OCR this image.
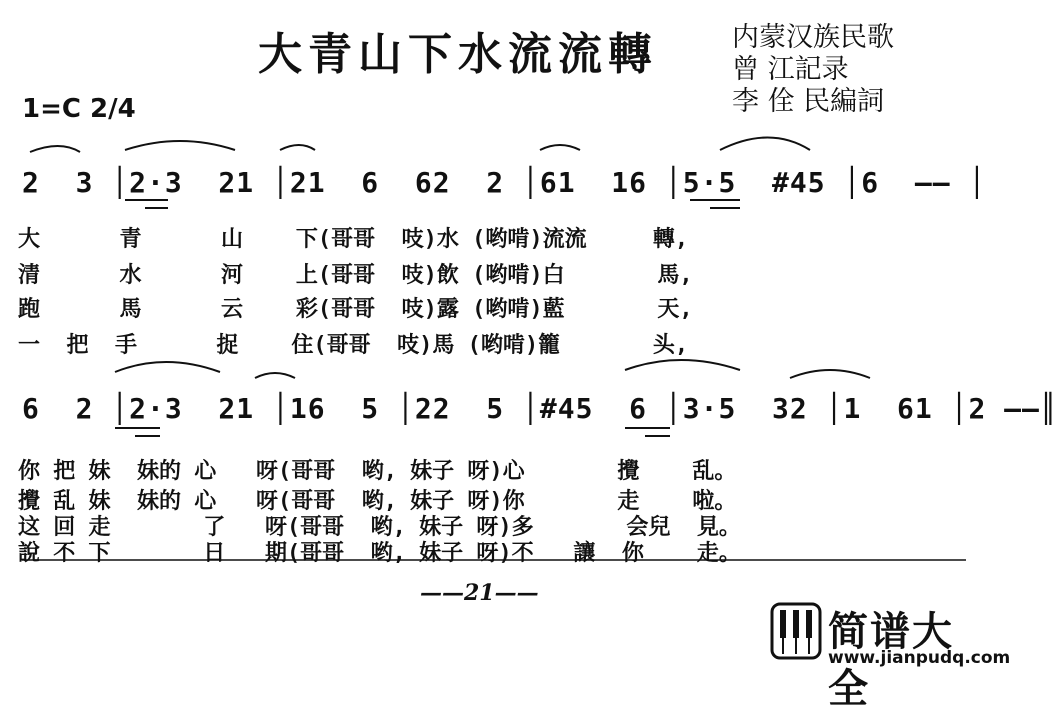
大青山下水流流轉	内蒙汉族民歌
曾 江記录
李 佺 民編詞
1=C 2/4
2  3 │2·3  21 │21  6  62  2 │61  16 │5·5  #45 │6  —— │
大      青      山    下(哥哥  吱)水 (哟啃)流流     轉,
清      水      河    上(哥哥  吱)飲 (哟啃)白       馬,
跑      馬      云    彩(哥哥  吱)露 (哟啃)藍       天,
一  把  手      捉    住(哥哥  吱)馬 (哟啃)籠       头,
6  2 │2·3  21 │16  5 │22  5 │#45  6 │3·5  32 │1  61 │2 ——║
你 把 妹  妹的 心   呀(哥哥  哟, 妹子 呀)心       攪    乱。
攪 乱 妹  妹的 心   呀(哥哥  哟, 妹子 呀)你       走    啦。
这 回 走       了   呀(哥哥  哟, 妹子 呀)多       会兒  見。
說 不 下       日   期(哥哥  哟, 妹子 呀)不   讓  你    走。
——21——
简谱大全
www.jianpudq.com
